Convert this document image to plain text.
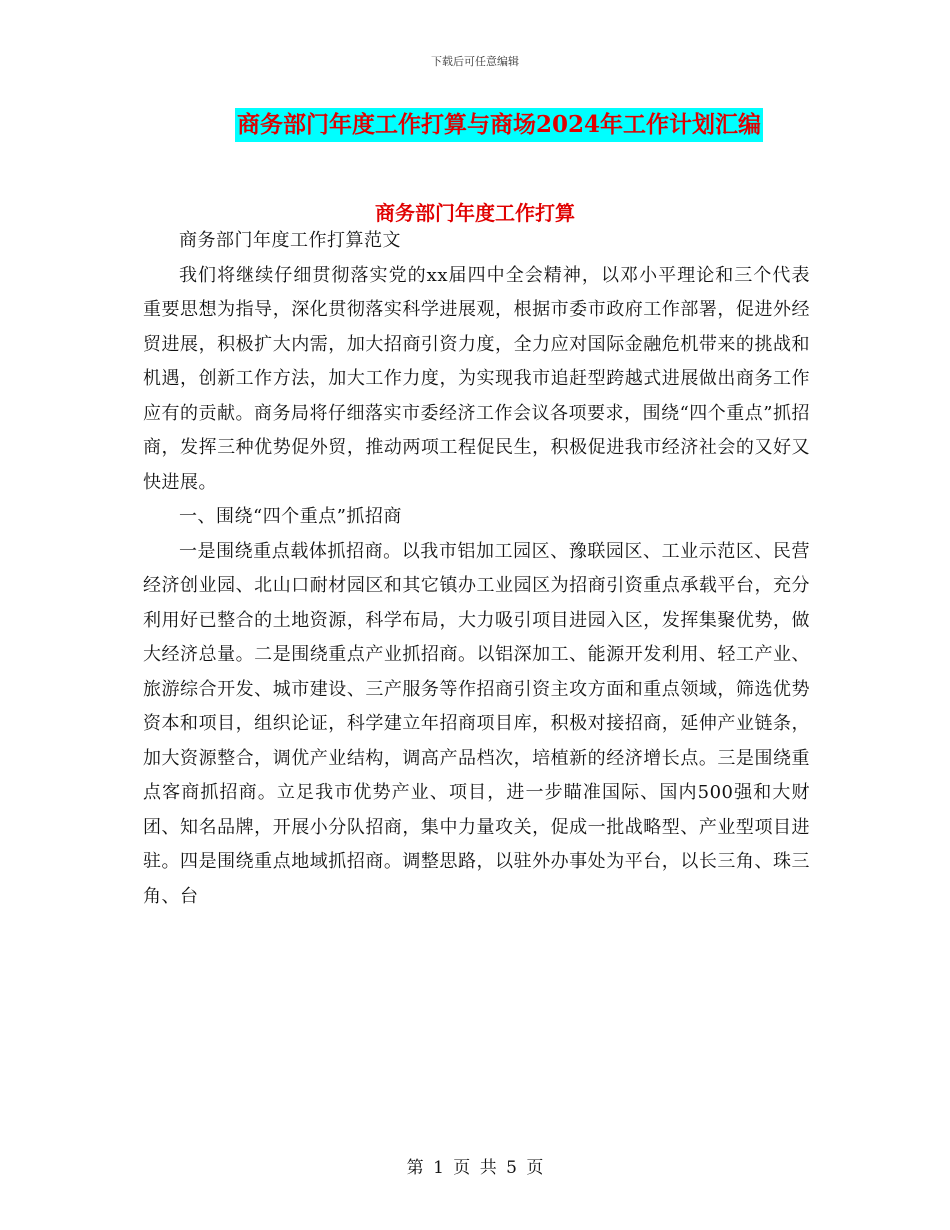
下载后可任意编辑
商务部门年度工作打算与商场2024年工作计划汇编
商务部门年度工作打算

商务部门年度工作打算范文

我们将继续仔细贯彻落实党的xx届四中全会精神，以邓小平理论和三个代表重要思想为指导，深化贯彻落实科学进展观，根据市委市政府工作部署，促进外经贸进展，积极扩大内需，加大招商引资力度，全力应对国际金融危机带来的挑战和机遇，创新工作方法，加大工作力度，为实现我市追赶型跨越式进展做出商务工作应有的贡献。商务局将仔细落实市委经济工作会议各项要求，围绕“四个重点”抓招商，发挥三种优势促外贸，推动两项工程促民生，积极促进我市经济社会的又好又快进展。

一、围绕“四个重点”抓招商

一是围绕重点载体抓招商。以我市铝加工园区、豫联园区、工业示范区、民营经济创业园、北山口耐材园区和其它镇办工业园区为招商引资重点承载平台，充分利用好已整合的土地资源，科学布局，大力吸引项目进园入区，发挥集聚优势，做大经济总量。二是围绕重点产业抓招商。以铝深加工、能源开发利用、轻工产业、旅游综合开发、城市建设、三产服务等作招商引资主攻方面和重点领域，筛选优势资本和项目，组织论证，科学建立年招商项目库，积极对接招商，延伸产业链条，加大资源整合，调优产业结构，调高产品档次，培植新的经济增长点。三是围绕重点客商抓招商。立足我市优势产业、项目，进一步瞄准国际、国内500强和大财团、知名品牌，开展小分队招商，集中力量攻关，促成一批战略型、产业型项目进驻。四是围绕重点地域抓招商。调整思路，以驻外办事处为平台，以长三角、珠三角、台

第 1 页 共 5 页
